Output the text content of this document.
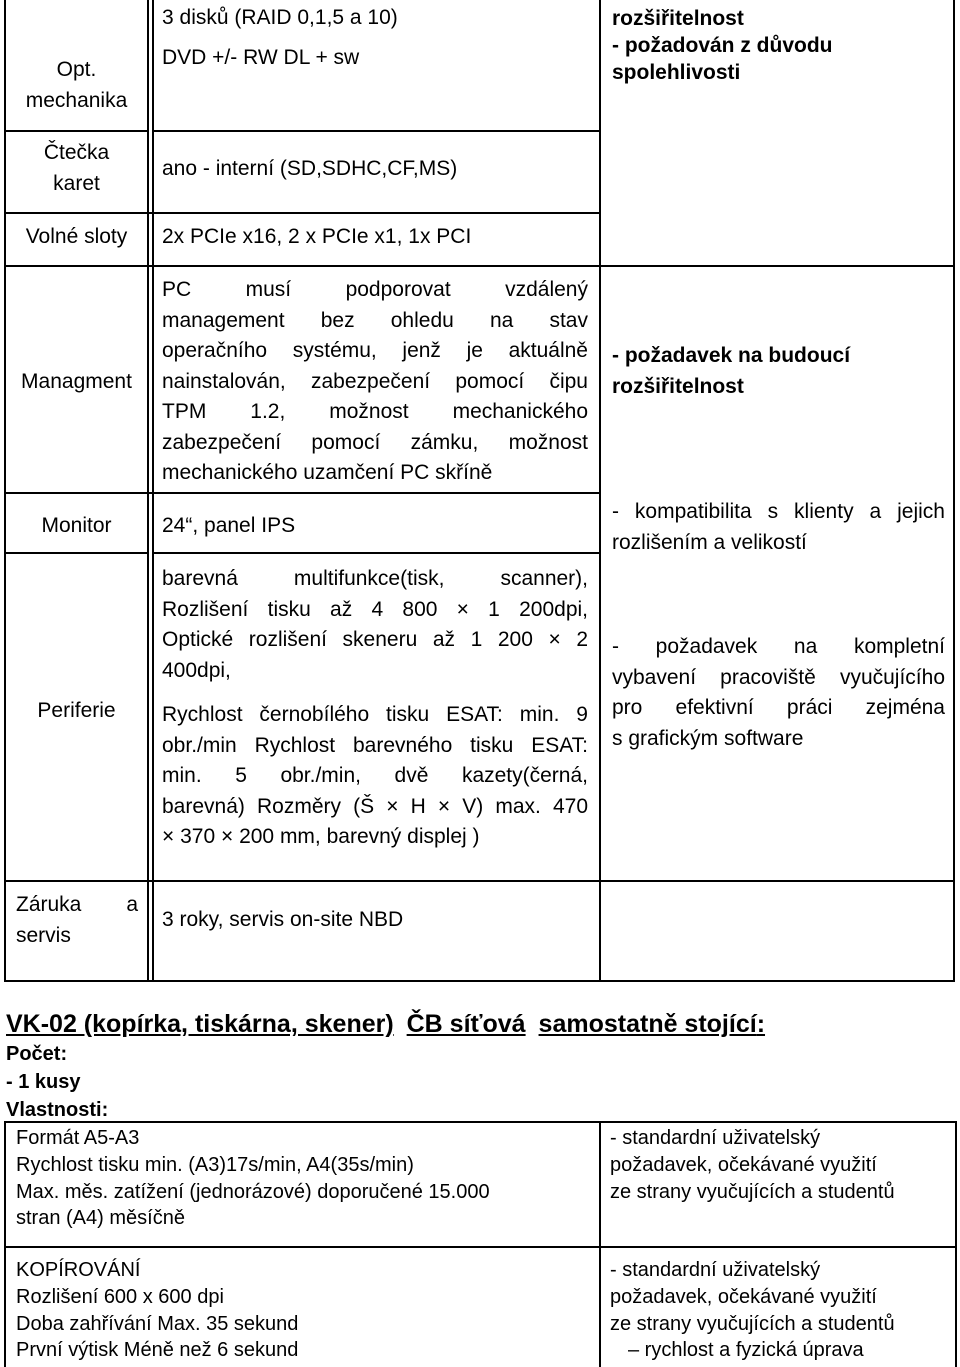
Opt.
mechanika
3 disků (RAID 0,1,5 a 10)
DVD +/- RW DL + sw
rozšiřitelnost
- požadován z důvodu
spolehlivosti
Čtečka
karet
ano - interní (SD,SDHC,CF,MS)
Volné sloty	2x PCIe x16, 2 x PCIe x1, 1x PCI
Managment
PC musí podporovat vzdálený
management bez ohledu na stav
operačního systému, jenž je aktuálně
nainstalován, zabezpečení pomocí čipu
TPM 1.2, možnost mechanického
zabezpečení pomocí zámku, možnost
mechanického uzamčení PC skříně
- požadavek na budoucí
rozšiřitelnost
Monitor	24“, panel IPS
- kompatibilita s klienty a jejich
rozlišením a velikostí
Periferie
barevná multifunkce(tisk, scanner),
Rozlišení tisku až 4 800 × 1 200dpi,
Optické rozlišení skeneru až 1 200 × 2
400dpi,
Rychlost černobílého tisku ESAT: min. 9
obr./min Rychlost barevného tisku ESAT:
min. 5 obr./min, dvě kazety(černá,
barevná) Rozměry (Š × H × V) max. 470
× 370 × 200 mm, barevný displej )
- požadavek na kompletní
vybavení pracoviště vyučujícího
pro efektivní práci zejména
s grafickým software
Záruka a
servis
3 roky, servis on-site NBD
VK-02 (kopírka, tiskárna, skener) ČB síťová samostatně stojící:
Počet:
- 1 kusy
Vlastnosti:
Formát A5-A3
Rychlost tisku min. (A3)17s/min, A4(35s/min)
Max. měs. zatížení (jednorázové) doporučené 15.000
stran (A4) měsíčně
- standardní uživatelský
požadavek, očekávané využití
ze strany vyučujících a studentů
KOPÍROVÁNÍ
Rozlišení 600 x 600 dpi
Doba zahřívání Max. 35 sekund
První výtisk Méně než 6 sekund
- standardní uživatelský
požadavek, očekávané využití
ze strany vyučujících a studentů
– rychlost a fyzická úprava
